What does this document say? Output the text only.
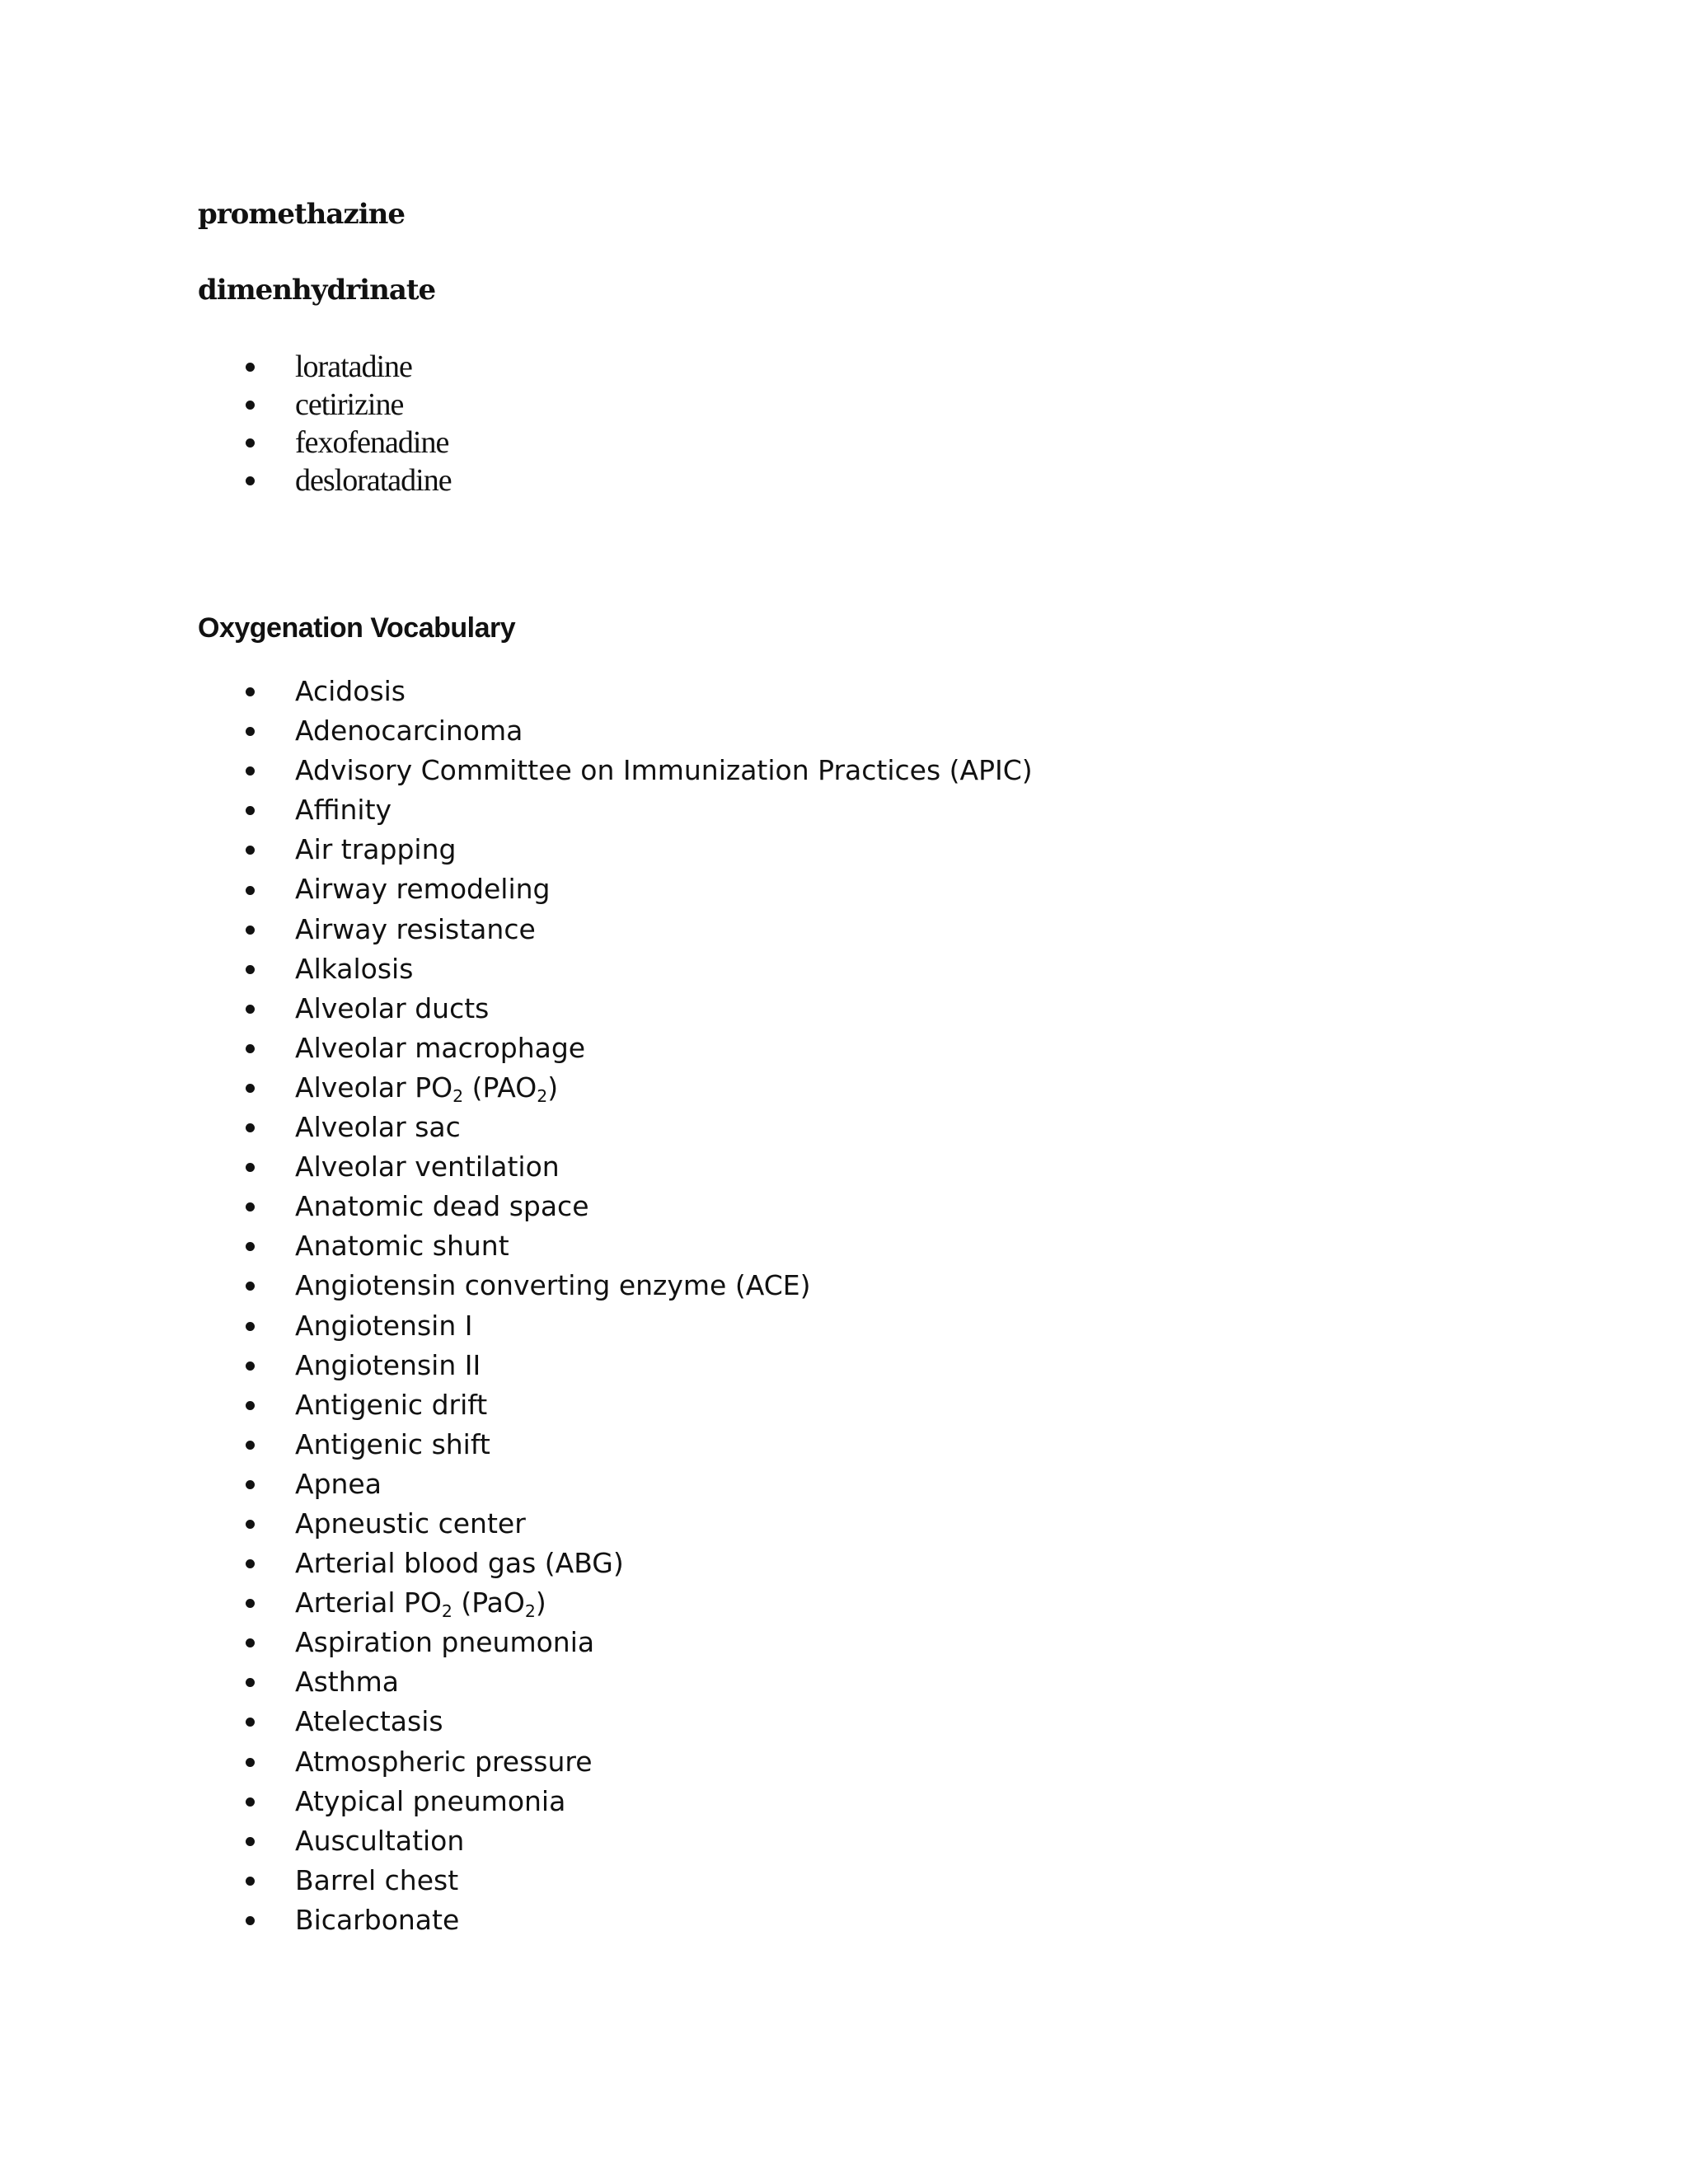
promethazine

dimenhydrinate

loratadine
cetirizine
fexofenadine
desloratadine
Oxygenation Vocabulary
Acidosis
Adenocarcinoma
Advisory Committee on Immunization Practices (APIC)
Affinity
Air trapping
Airway remodeling
Airway resistance
Alkalosis
Alveolar ducts
Alveolar macrophage
Alveolar $PO_2$ $(PAO_2)$
Alveolar sac
Alveolar ventilation
Anatomic dead space
Anatomic shunt
Angiotensin converting enzyme (ACE)
Angiotensin I
Angiotensin II
Antigenic drift
Antigenic shift
Apnea
Apneustic center
Arterial blood gas (ABG)
Arterial $PO_2$ (PaO$_2$)
Aspiration pneumonia
Asthma
Atelectasis
Atmospheric pressure
Atypical pneumonia
Auscultation
Barrel chest
Bicarbonate
